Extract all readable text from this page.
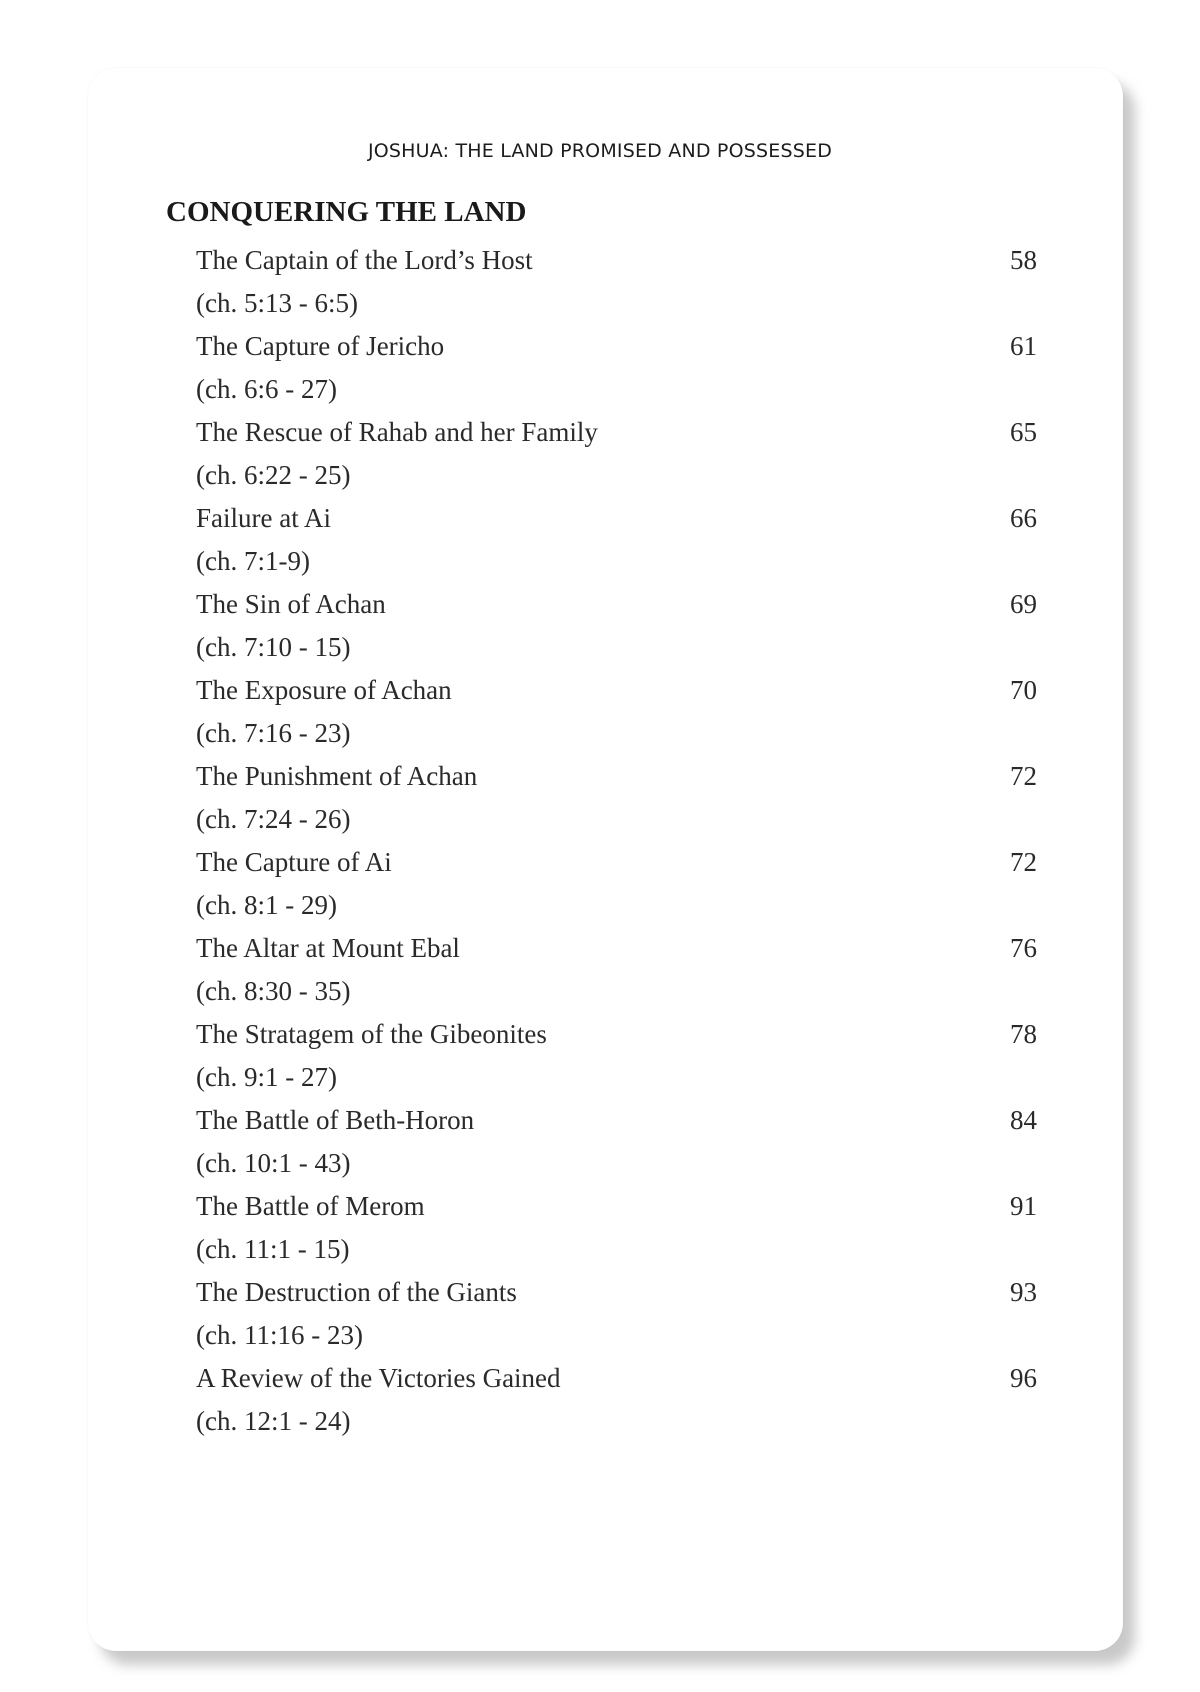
JOSHUA: THE LAND PROMISED AND POSSESSED
CONQUERING THE LAND
The Captain of the Lord’s Host	58
(ch. 5:13 - 6:5)
The Capture of Jericho	61
(ch. 6:6 - 27)
The Rescue of Rahab and her Family	65
(ch. 6:22 - 25)
Failure at Ai	66
(ch. 7:1-9)
The Sin of Achan	69
(ch. 7:10 - 15)
The Exposure of Achan	70
(ch. 7:16 - 23)
The Punishment of Achan	72
(ch. 7:24 - 26)
The Capture of Ai	72
(ch. 8:1 - 29)
The Altar at Mount Ebal	76
(ch. 8:30 - 35)
The Stratagem of the Gibeonites	78
(ch. 9:1 - 27)
The Battle of Beth-Horon	84
(ch. 10:1 - 43)
The Battle of Merom	91
(ch. 11:1 - 15)
The Destruction of the Giants	93
(ch. 11:16 - 23)
A Review of the Victories Gained	96
(ch. 12:1 - 24)
